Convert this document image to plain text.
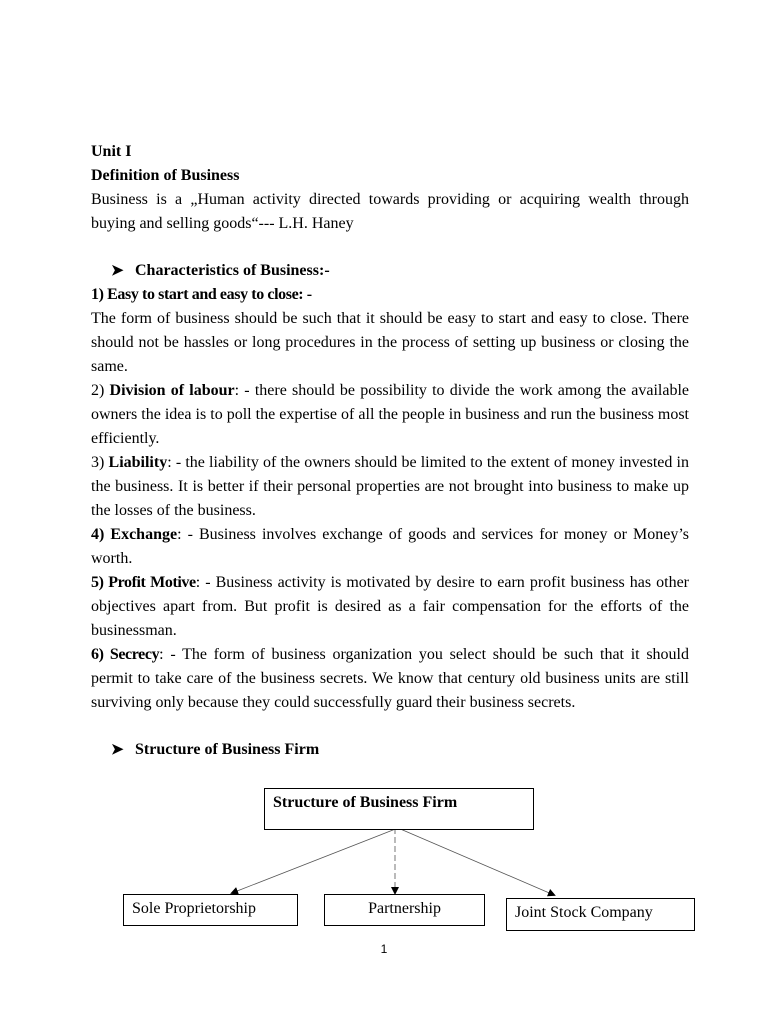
Unit I
Definition of Business
Business is a „Human activity directed towards providing or acquiring wealth through buying and selling goods“--- L.H. Haney
➤ Characteristics of Business:-
1) Easy to start and easy to close: -

The form of business should be such that it should be easy to start and easy to close. There should not be hassles or long procedures in the process of setting up business or closing the same.

2) Division of labour: - there should be possibility to divide the work among the available owners the idea is to poll the expertise of all the people in business and run the business most efficiently.

3) Liability: - the liability of the owners should be limited to the extent of money invested in the business. It is better if their personal properties are not brought into business to make up the losses of the business.

4) Exchange: - Business involves exchange of goods and services for money or Money’s worth.

5) Profit Motive: - Business activity is motivated by desire to earn profit business has other objectives apart from. But profit is desired as a fair compensation for the efforts of the businessman.

6) Secrecy: - The form of business organization you select should be such that it should permit to take care of the business secrets. We know that century old business units are still surviving only because they could successfully guard their business secrets.

➤ Structure of Business Firm
Structure of Business Firm
Sole Proprietorship	Partnership	Joint Stock Company
1
